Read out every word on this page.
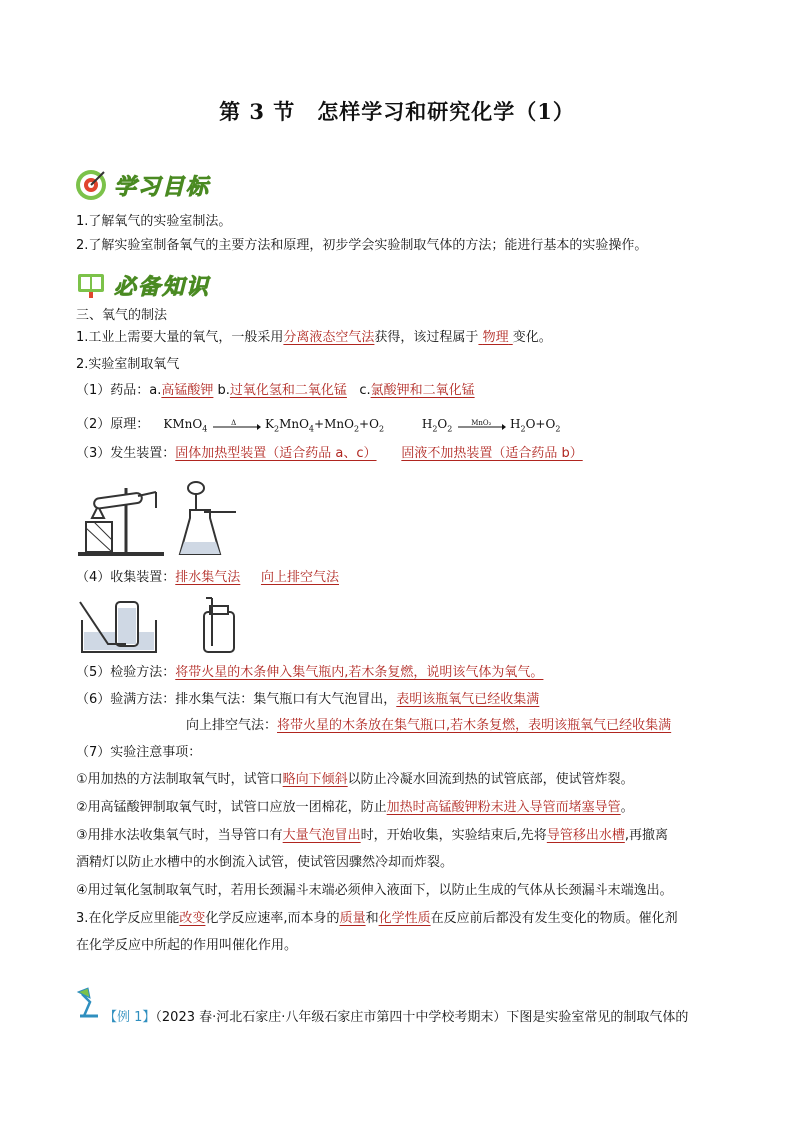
第 3 节　怎样学习和研究化学（1）
学习目标
1.了解氧气的实验室制法。
2.了解实验室制备氧气的主要方法和原理，初步学会实验制取气体的方法；能进行基本的实验操作。
必备知识
三、氧气的制法
1.工业上需要大量的氧气，一般采用分离液态空气法获得，该过程属于 物理 变化。
2.实验室制取氧气
（1）药品：a.高锰酸钾 b.过氧化氢和二氧化锰 c.氯酸钾和二氧化锰
（2）原理： KMnO$_4$
Δ $K_2MnO_4+MnO_2+O_2$	$H_2O_2$
MnO₂ $H_2O+O_2$
（3）发生装置：固体加热型装置（适合药品 a、c） 固液不加热装置（适合药品 b）
（4）收集装置：排水集气法 向上排空气法
（5）检验方法：将带火星的木条伸入集气瓶内,若木条复燃，说明该气体为氧气。
（6）验满方法：排水集气法：集气瓶口有大气泡冒出，表明该瓶氧气已经收集满
向上排空气法：将带火星的木条放在集气瓶口,若木条复燃，表明该瓶氧气已经收集满
（7）实验注意事项：
①用加热的方法制取氧气时，试管口略向下倾斜以防止冷凝水回流到热的试管底部，使试管炸裂。
②用高锰酸钾制取氧气时，试管口应放一团棉花，防止加热时高锰酸钾粉末进入导管而堵塞导管。
③用排水法收集氧气时，当导管口有大量气泡冒出时，开始收集，实验结束后,先将导管移出水槽,再撤离
酒精灯以防止水槽中的水倒流入试管，使试管因骤然冷却而炸裂。
④用过氧化氢制取氧气时，若用长颈漏斗末端必须伸入液面下，以防止生成的气体从长颈漏斗末端逸出。
3.在化学反应里能改变化学反应速率,而本身的质量和化学性质在反应前后都没有发生变化的物质。催化剂
在化学反应中所起的作用叫催化作用。
【例 1】（2023 春·河北石家庄·八年级石家庄市第四十中学校考期末）下图是实验室常见的制取气体的
